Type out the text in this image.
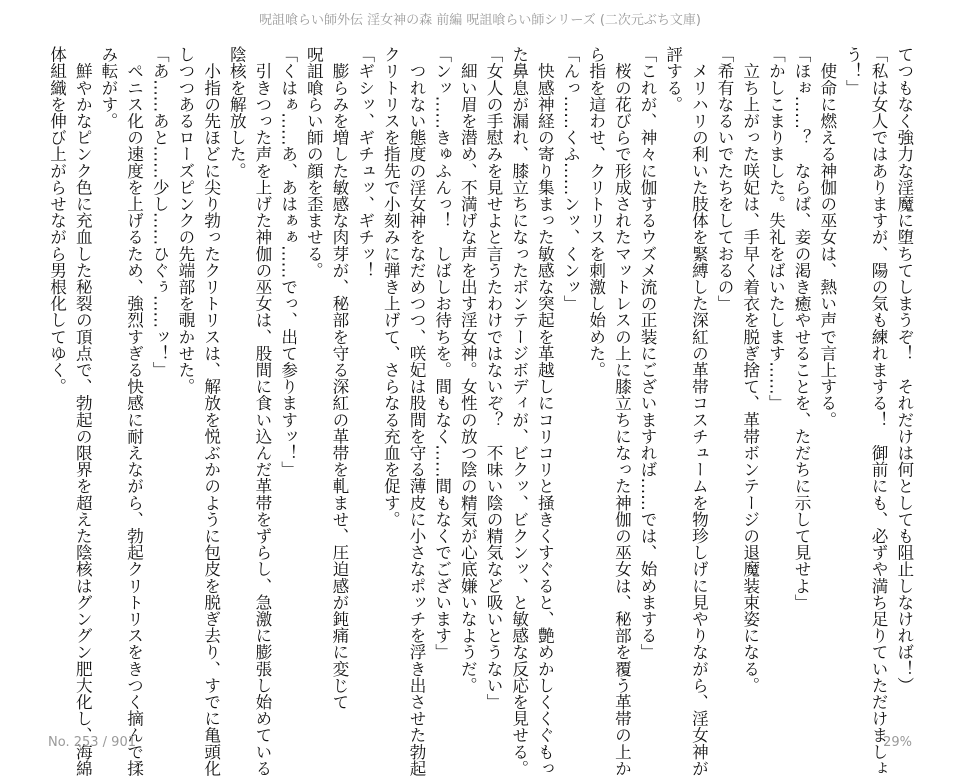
呪詛喰らい師外伝 淫女神の森 前編 呪詛喰らい師シリーズ (二次元ぶち文庫)
てつもなく強力な淫魔に堕ちてしまうぞ！　それだけは何としても阻止しなければ！）
「私は女人ではありますが、陽の気も練れまする！　御前にも、必ずや満ち足りていただけましょ
う！」
　使命に燃える神伽の巫女は、熱い声で言上する。
「ほぉ……？　ならば、妾の渇き癒やせることを、ただちに示して見せよ」
「かしこまりました。失礼をばいたします……」
　立ち上がった咲妃は、手早く着衣を脱ぎ捨て、革帯ボンテージの退魔装束姿になる。
「希有なるいでたちをしておるの」
　メリハリの利いた肢体を緊縛した深紅の革帯コスチュームを物珍しげに見やりながら、淫女神が
評する。
「これが、神々に伽するウズメ流の正装にございますれば……では、始めまする」
　桜の花びらで形成されたマットレスの上に膝立ちになった神伽の巫女は、秘部を覆う革帯の上か
ら指を這わせ、クリトリスを刺激し始めた。
「んっ……くふ……ンッ、くンッ」
　快感神経の寄り集まった敏感な突起を革越しにコリコリと掻きくすぐると、艶めかしくくぐもっ
た鼻息が漏れ、膝立ちになったボンテージボディが、ビクッ、ビクンッ、と敏感な反応を見せる。
「女人の手慰みを見せよと言うたわけではないぞ？　不味い陰の精気など吸いとうない」
　細い眉を潜め、不満げな声を出す淫女神。女性の放つ陰の精気が心底嫌いなようだ。
「ンッ……きゅふんっ！　しばしお待ちを。間もなく……間もなくでございます」
　つれない態度の淫女神をなだめつつ、咲妃は股間を守る薄皮に小さなポッチを浮き出させた勃起
クリトリスを指先で小刻みに弾き上げて、さらなる充血を促す。
「ギシッ、ギチュッ、ギチッ！
　膨らみを増した敏感な肉芽が、秘部を守る深紅の革帯を軋ませ、圧迫感が鈍痛に変じて
呪詛喰らい師の顔を歪ませる。
「くはぁ……あ、あはぁぁ……でっ、出て参りますッ！」
　引きつった声を上げた神伽の巫女は、股間に食い込んだ革帯をずらし、急激に膨張し始めている
陰核を解放した。
　小指の先ほどに尖り勃ったクリトリスは、解放を悦ぶかのように包皮を脱ぎ去り、すでに亀頭化
しつつあるローズピンクの先端部を覗かせた。
「あ……あと……少し……ひぐぅ……ッ！」
　ペニス化の速度を上げるため、強烈すぎる快感に耐えながら、勃起クリトリスをきつく摘んで揉
み転がす。
　鮮やかなピンク色に充血した秘裂の頂点で、勃起の限界を超えた陰核はグングン肥大化し、海綿
体組織を伸び上がらせながら男根化してゆく。
No. 253 / 901	29%
